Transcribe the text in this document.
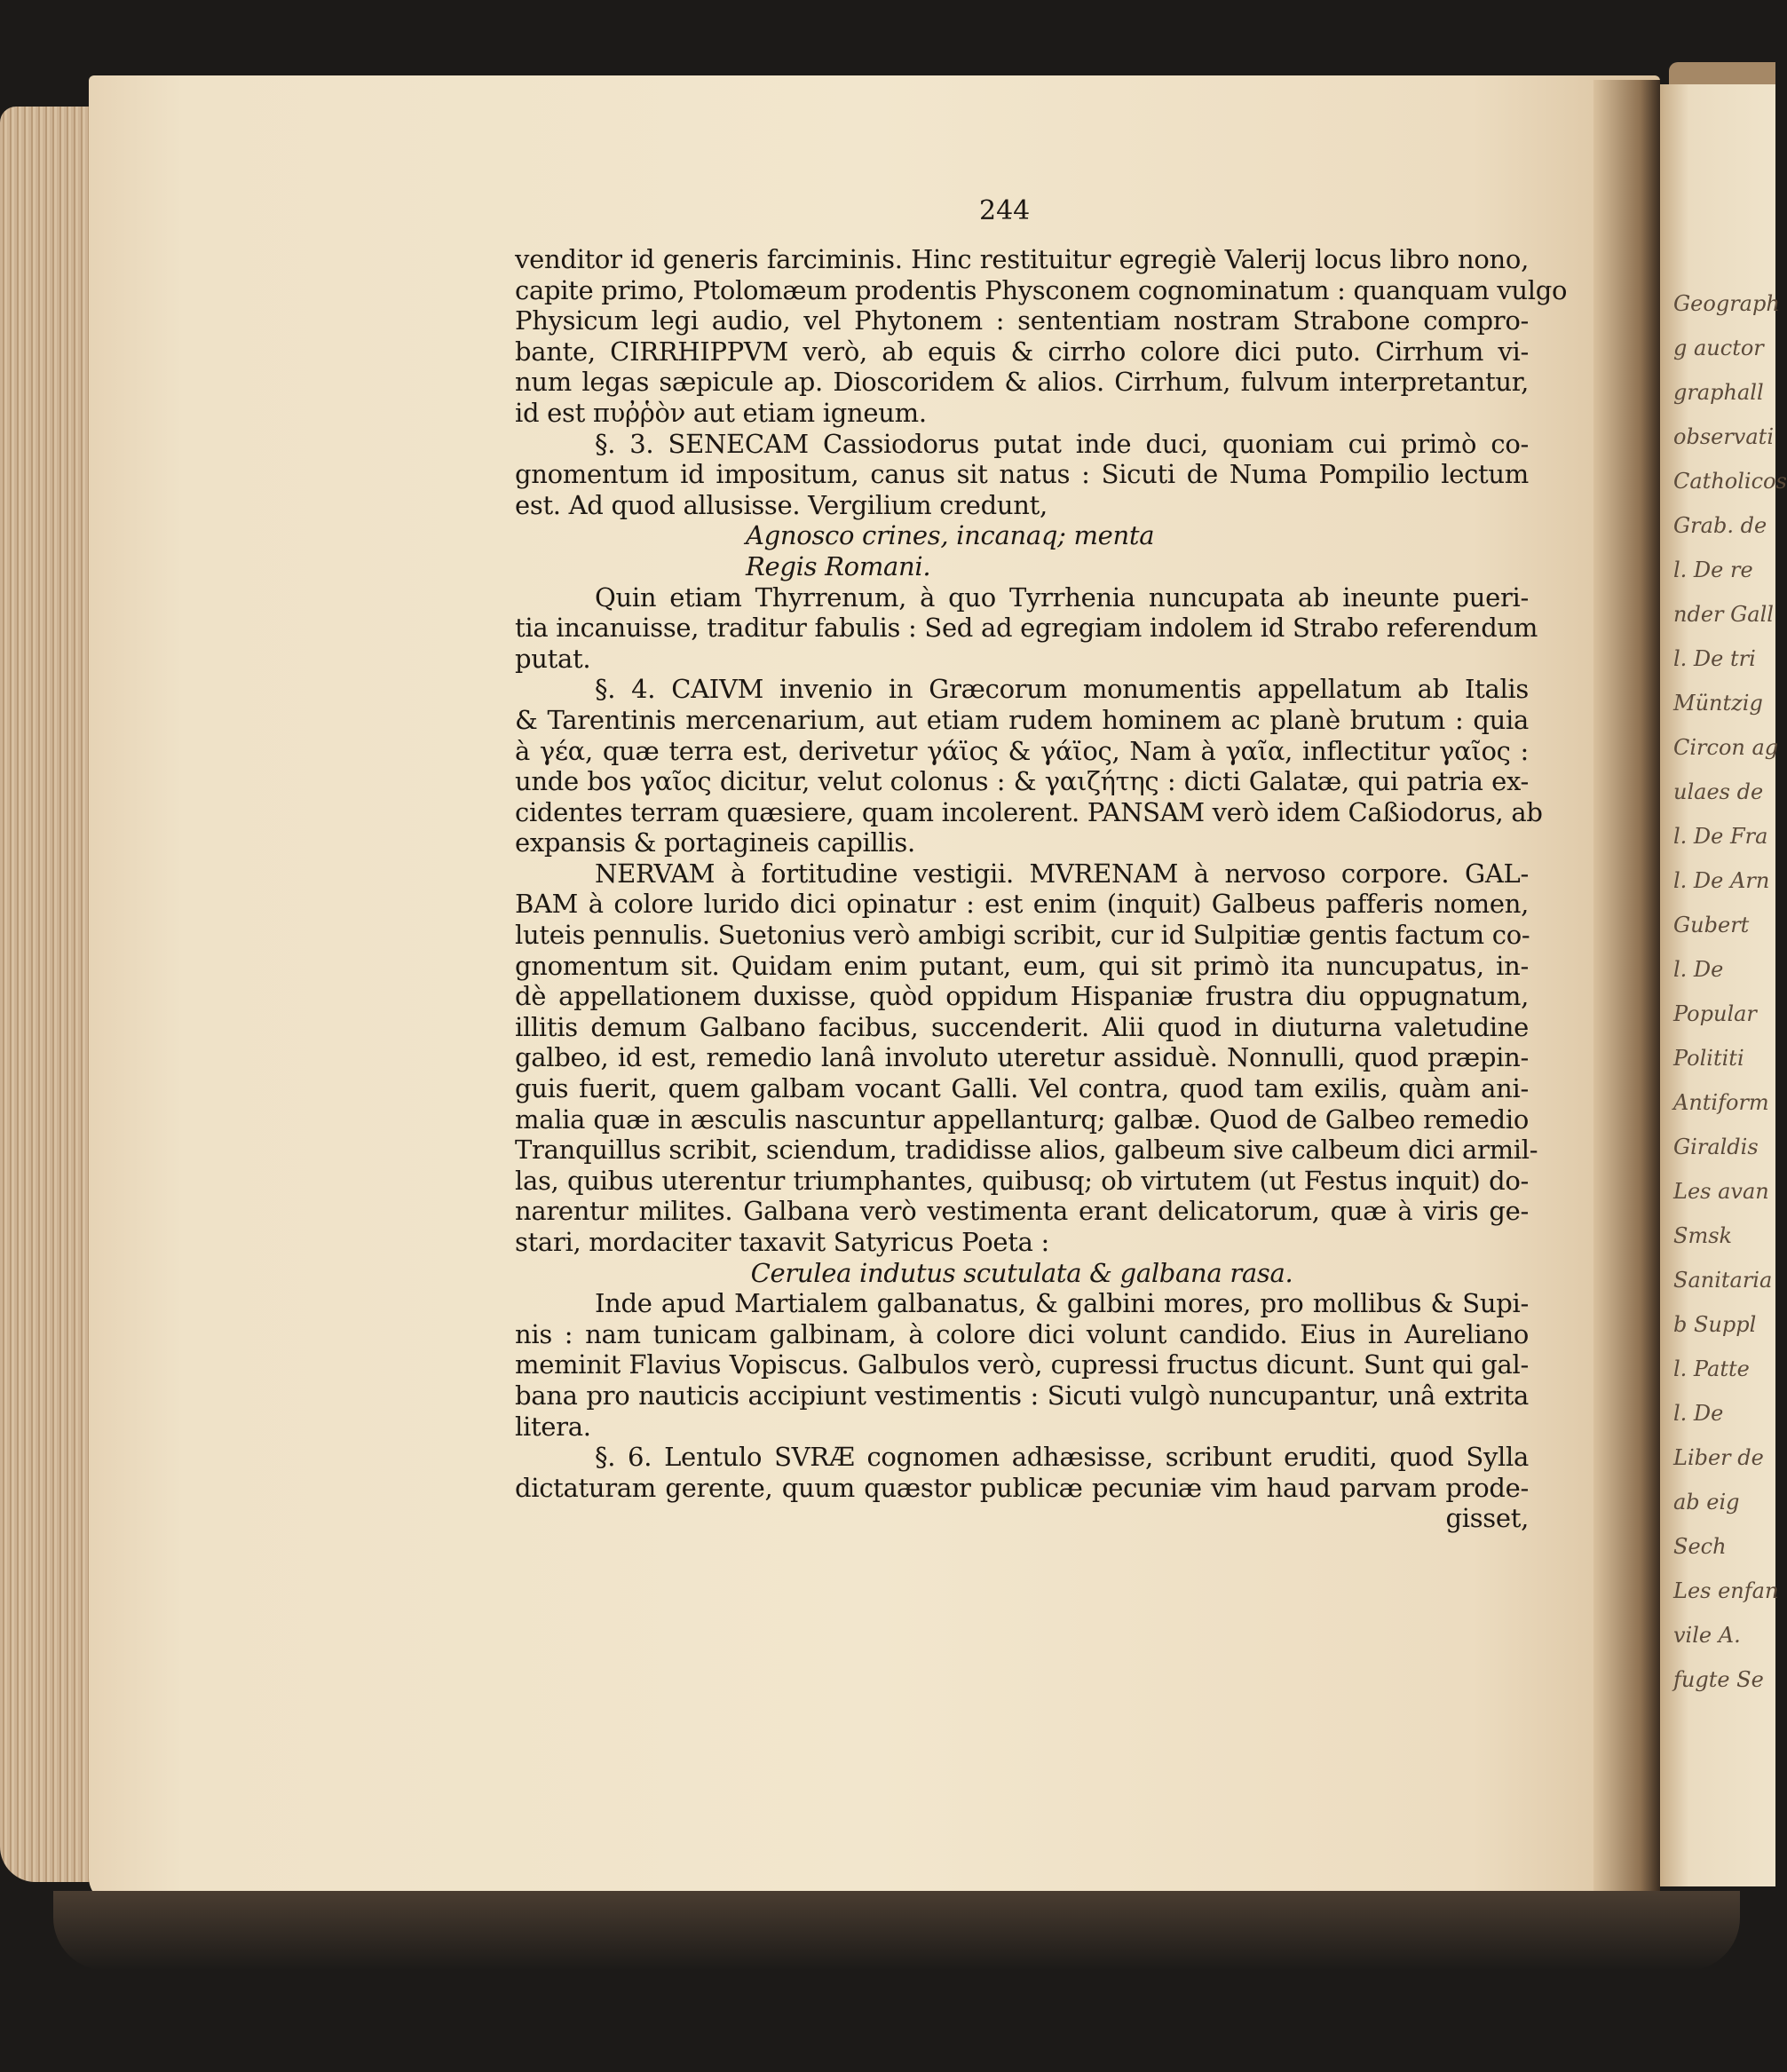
244
venditor id generis farciminis. Hinc restituitur egregiè Valerij locus libro nono,
capite primo, Ptolomæum prodentis Physconem cognominatum : quanquam vulgo
Physicum legi audio, vel Phytonem : sententiam nostram Strabone compro-
bante, CIRRHIPPVM verò, ab equis & cirrho colore dici puto. Cirrhum vi-
num legas sæpicule ap. Dioscoridem & alios. Cirrhum, fulvum interpretantur,
id est πυῤῥὸν aut etiam igneum.
§. 3. SENECAM Cassiodorus putat inde duci, quoniam cui primò co-
gnomentum id impositum, canus sit natus : Sicuti de Numa Pompilio lectum
est. Ad quod allusisse. Vergilium credunt,
Agnosco crines, incanaq; menta
Regis Romani.
Quin etiam Thyrrenum, à quo Tyrrhenia nuncupata ab ineunte pueri-
tia incanuisse, traditur fabulis : Sed ad egregiam indolem id Strabo referendum
putat.
§. 4. CAIVM invenio in Græcorum monumentis appellatum ab Italis
& Tarentinis mercenarium, aut etiam rudem hominem ac planè brutum : quia
à γέα, quæ terra est, derivetur γάϊος & γάϊος, Nam à γαῖα, inflectitur γαῖος :
unde bos γαῖος dicitur, velut colonus : & γαιζήτης : dicti Galatæ, qui patria ex-
cidentes terram quæsiere, quam incolerent. PANSAM verò idem Caßiodorus, ab
expansis & portagineis capillis.
NERVAM à fortitudine vestigii. MVRENAM à nervoso corpore. GAL-
BAM à colore lurido dici opinatur : est enim (inquit) Galbeus pafferis nomen,
luteis pennulis. Suetonius verò ambigi scribit, cur id Sulpitiæ gentis factum co-
gnomentum sit. Quidam enim putant, eum, qui sit primò ita nuncupatus, in-
dè appellationem duxisse, quòd oppidum Hispaniæ frustra diu oppugnatum,
illitis demum Galbano facibus, succenderit. Alii quod in diuturna valetudine
galbeo, id est, remedio lanâ involuto uteretur assiduè. Nonnulli, quod præpin-
guis fuerit, quem galbam vocant Galli. Vel contra, quod tam exilis, quàm ani-
malia quæ in æsculis nascuntur appellanturq; galbæ. Quod de Galbeo remedio
Tranquillus scribit, sciendum, tradidisse alios, galbeum sive calbeum dici armil-
las, quibus uterentur triumphantes, quibusq; ob virtutem (ut Festus inquit) do-
narentur milites. Galbana verò vestimenta erant delicatorum, quæ à viris ge-
stari, mordaciter taxavit Satyricus Poeta :
Cerulea indutus scutulata & galbana rasa.
Inde apud Martialem galbanatus, & galbini mores, pro mollibus & Supi-
nis : nam tunicam galbinam, à colore dici volunt candido. Eius in Aureliano
meminit Flavius Vopiscus. Galbulos verò, cupressi fructus dicunt. Sunt qui gal-
bana pro nauticis accipiunt vestimentis : Sicuti vulgò nuncupantur, unâ extrita
litera.
§. 6. Lentulo SVRÆ cognomen adhæsisse, scribunt eruditi, quod Sylla
dictaturam gerente, quum quæstor publicæ pecuniæ vim haud parvam prode-
gisset,
Geograph
g auctor
graphall
observati
Catholicos
Grab. de
l. De re
nder Gall
l. De tri
Müntzig
Circon ag
ulaes de
l. De Fra
l. De Arn
Gubert
l. De
Popular
Polititi
Antiform
Giraldis
Les avan
Smsk
Sanitaria
b Suppl
l. Patte
l. De
Liber de
ab eig
Sech
Les enfan
vile A.
fugte Se
